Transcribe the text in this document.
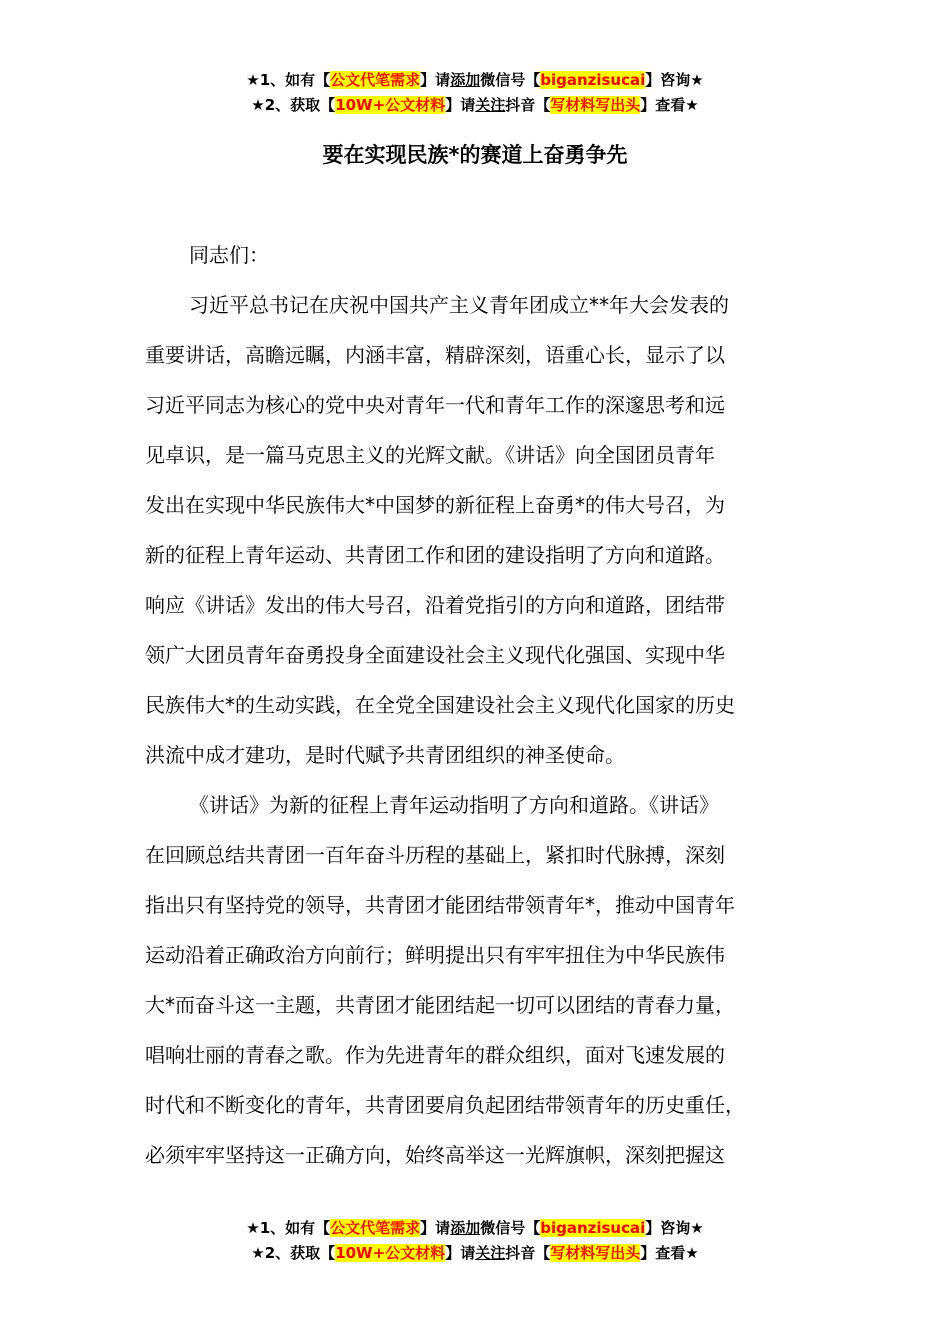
★1、如有【公文代笔需求】请添加微信号【biganzisucai】咨询★
★2、获取【10W+公文材料】请关注抖音【写材料写出头】查看★
要在实现民族*的赛道上奋勇争先
同志们：
习近平总书记在庆祝中国共产主义青年团成立**年大会发表的
重要讲话，高瞻远瞩，内涵丰富，精辟深刻，语重心长，显示了以
习近平同志为核心的党中央对青年一代和青年工作的深邃思考和远
见卓识，是一篇马克思主义的光辉文献。《讲话》向全国团员青年
发出在实现中华民族伟大*中国梦的新征程上奋勇*的伟大号召，为
新的征程上青年运动、共青团工作和团的建设指明了方向和道路。
响应《讲话》发出的伟大号召，沿着党指引的方向和道路，团结带
领广大团员青年奋勇投身全面建设社会主义现代化强国、实现中华
民族伟大*的生动实践，在全党全国建设社会主义现代化国家的历史
洪流中成才建功，是时代赋予共青团组织的神圣使命。
《讲话》为新的征程上青年运动指明了方向和道路。《讲话》
在回顾总结共青团一百年奋斗历程的基础上，紧扣时代脉搏，深刻
指出只有坚持党的领导，共青团才能团结带领青年*，推动中国青年
运动沿着正确政治方向前行；鲜明提出只有牢牢扭住为中华民族伟
大*而奋斗这一主题，共青团才能团结起一切可以团结的青春力量，
唱响壮丽的青春之歌。作为先进青年的群众组织，面对飞速发展的
时代和不断变化的青年，共青团要肩负起团结带领青年的历史重任，
必须牢牢坚持这一正确方向，始终高举这一光辉旗帜，深刻把握这
★1、如有【公文代笔需求】请添加微信号【biganzisucai】咨询★
★2、获取【10W+公文材料】请关注抖音【写材料写出头】查看★
